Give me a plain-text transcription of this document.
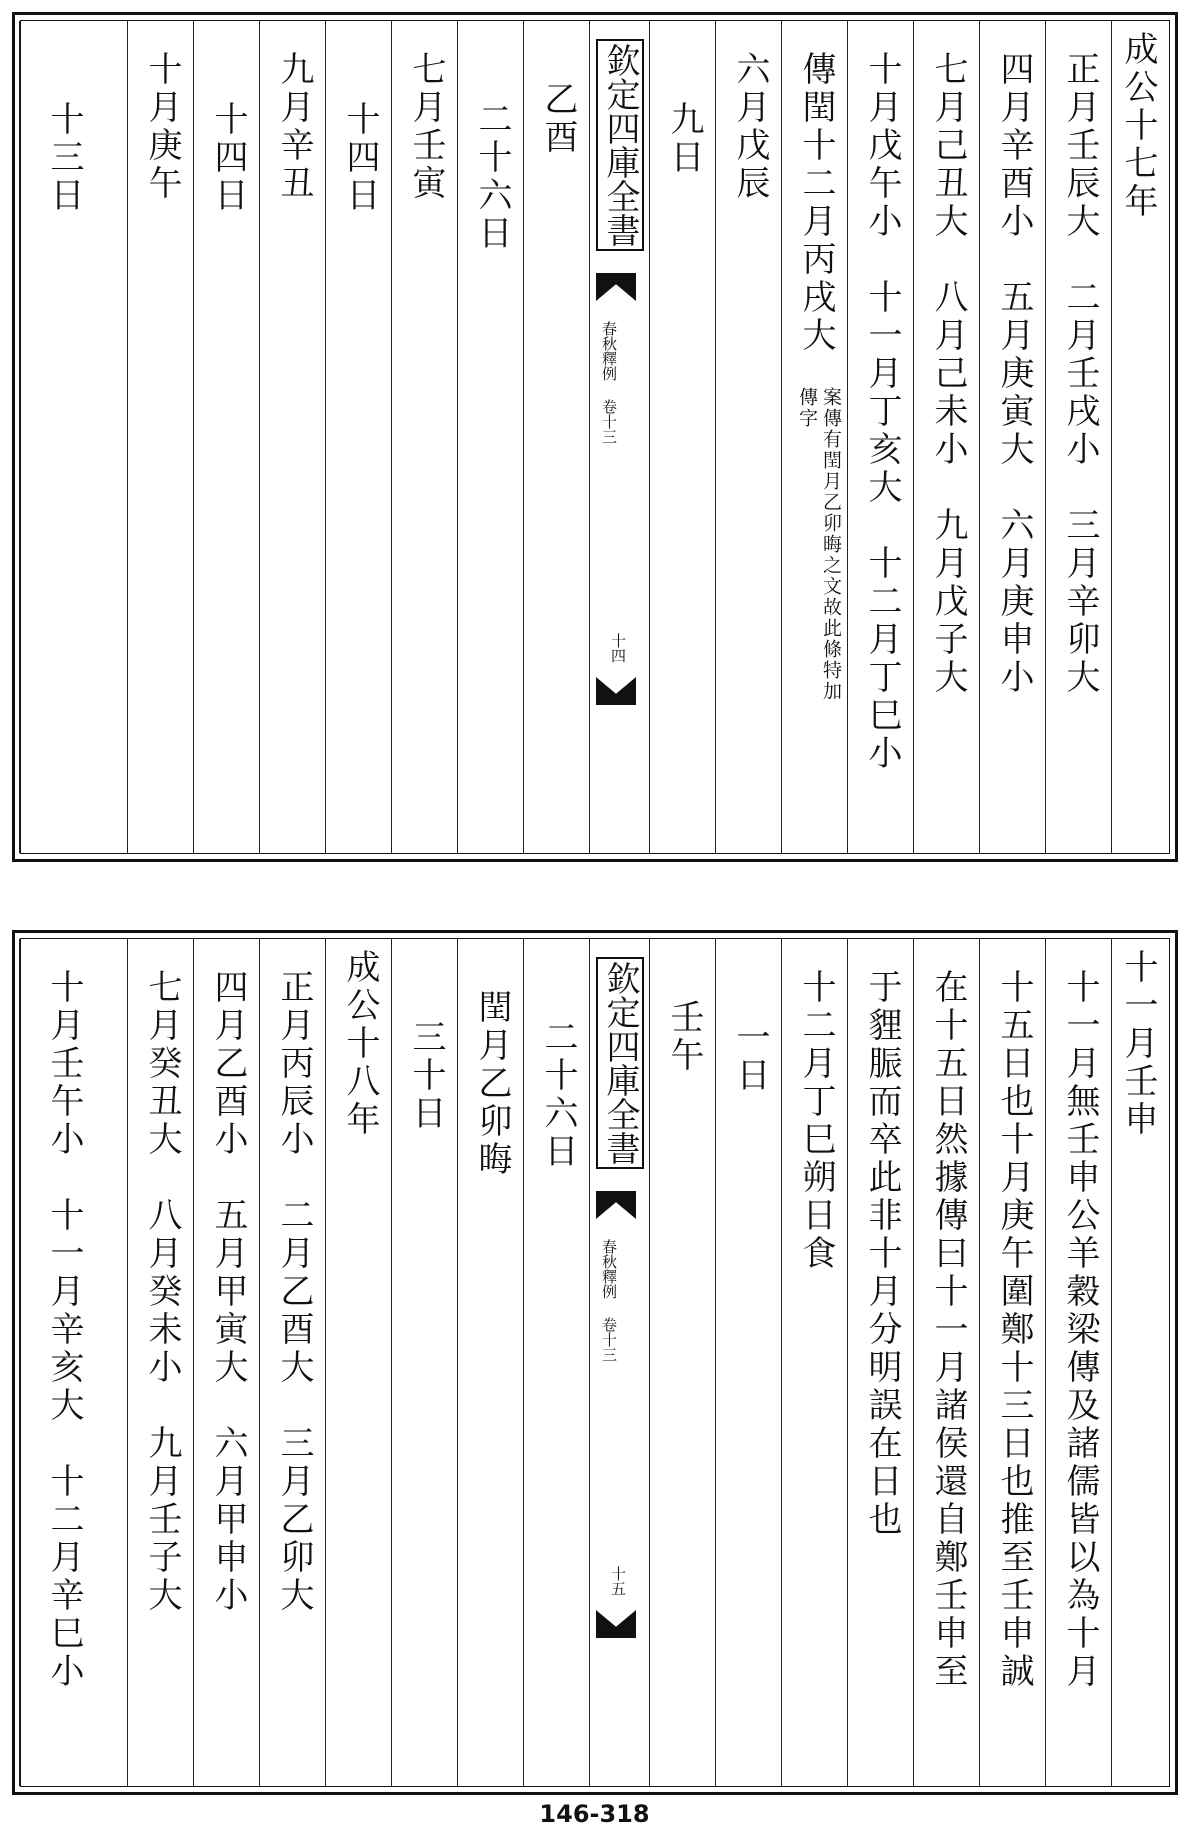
成公十七年
正月壬辰大　二月壬戌小　三月辛卯大
四月辛酉小　五月庚寅大　六月庚申小
七月己丑大　八月己未小　九月戊子大
十月戊午小　十一月丁亥大　十二月丁巳小
傳閏十二月丙戌大
案傳有閏月乙卯晦之文故此條特加傳字
六月戊辰
九日
欽定四庫全書
春秋釋例 卷十三
十四
乙酉
二十六日
七月壬寅
十四日
九月辛丑
十四日
十月庚午
十三日
十一月壬申
十一月無壬申公羊穀梁傳及諸儒皆以為十月
十五日也十月庚午圍鄭十三日也推至壬申誠
在十五日然據傳曰十一月諸侯還自鄭壬申至
于貍脤而卒此非十月分明誤在日也
十二月丁巳朔日食
一日
壬午
欽定四庫全書
春秋釋例 卷十三
十五
二十六日
閏月乙卯晦
三十日
成公十八年
正月丙辰小　二月乙酉大　三月乙卯大
四月乙酉小　五月甲寅大　六月甲申小
七月癸丑大　八月癸未小　九月壬子大
十月壬午小　十一月辛亥大　十二月辛巳小
146-318
